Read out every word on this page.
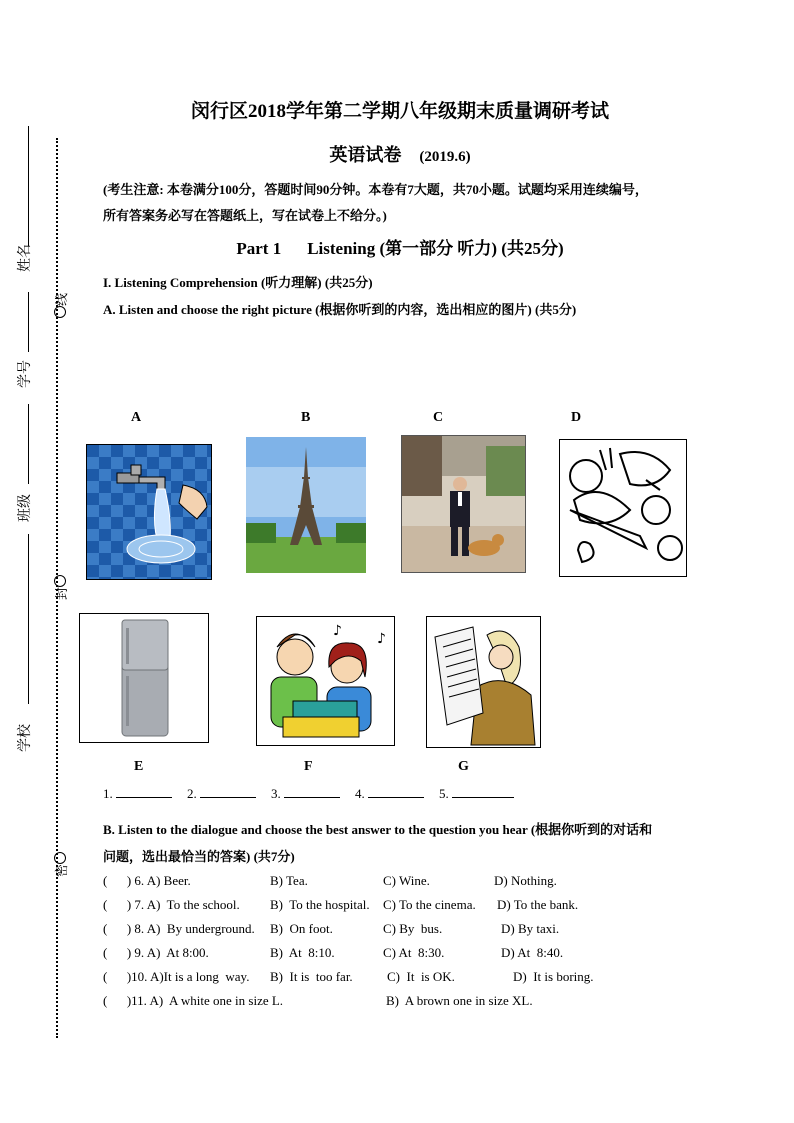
姓名
学号
班级
学校
线
封
密
闵行区2018学年第二学期八年级期末质量调研考试
英语试卷 (2019.6)
(考生注意: 本卷满分100分，答题时间90分钟。本卷有7大题，共70小题。试题均采用连续编号，
所有答案务必写在答题纸上，写在试卷上不给分。)
Part 1 Listening (第一部分 听力) (共25分)
I. Listening Comprehension (听力理解) (共25分)
A. Listen and choose the right picture (根据你听到的内容，选出相应的图片) (共5分)
A	B	C	D
♪	♪
E	F	G
1.	2.	3.	4.	5.
B. Listen to the dialogue and choose the best answer to the question you hear (根据你听到的对话和
问题，选出最恰当的答案) (共7分)

(      ) 6. A) Beer.

	B) Tea.

	C) Wine.

	D) Nothing.

(      ) 7. A)  To the school.

B)  To the hospital.

C) To the cinema.

D) To the bank.

(      ) 8. A)  By underground.

B)  On foot.

	C) By  bus.

	D) By taxi.

(      ) 9. A)  At 8:00.

	B)  At  8:10.

	C) At  8:30.

	D) At  8:40.

(      )10. A)It is a long  way.

B)  It is  too far.

	C)  It  is OK.

	D)  It is boring.

(      )11. A)  A white one in size L.

	B)  A brown one in size XL.
